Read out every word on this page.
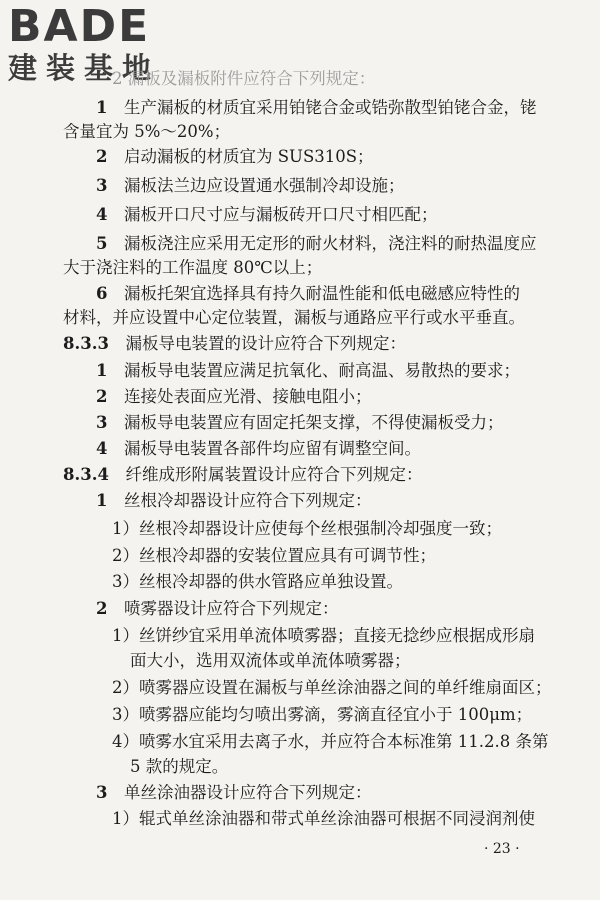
BADE
建装基地
2 漏板及漏板附件应符合下列规定：
1　 生产漏板的材质宜采用铂铑合金或锆弥散型铂铑合金，铑
含量宜为 5%～20%；
2　 启动漏板的材质宜为 SUS310S；
3　 漏板法兰边应设置通水强制冷却设施；
4　 漏板开口尺寸应与漏板砖开口尺寸相匹配；
5　 漏板浇注应采用无定形的耐火材料，浇注料的耐热温度应
大于浇注料的工作温度 80℃以上；
6　 漏板托架宜选择具有持久耐温性能和低电磁感应特性的
材料，并应设置中心定位装置，漏板与通路应平行或水平垂直。
8.3.3　 漏板导电装置的设计应符合下列规定：
1　 漏板导电装置应满足抗氧化、耐高温、易散热的要求；
2　 连接处表面应光滑、接触电阻小；
3　 漏板导电装置应有固定托架支撑，不得使漏板受力；
4　 漏板导电装置各部件均应留有调整空间。
8.3.4　 纤维成形附属装置设计应符合下列规定：
1　 丝根冷却器设计应符合下列规定：
1）丝根冷却器设计应使每个丝根强制冷却强度一致；
2）丝根冷却器的安装位置应具有可调节性；
3）丝根冷却器的供水管路应单独设置。
2　 喷雾器设计应符合下列规定：
1）丝饼纱宜采用单流体喷雾器；直接无捻纱应根据成形扇
面大小，选用双流体或单流体喷雾器；
2）喷雾器应设置在漏板与单丝涂油器之间的单纤维扇面区；
3）喷雾器应能均匀喷出雾滴，雾滴直径宜小于 100μm；
4）喷雾水宜采用去离子水，并应符合本标准第 11.2.8 条第
5 款的规定。
3　 单丝涂油器设计应符合下列规定：
1）辊式单丝涂油器和带式单丝涂油器可根据不同浸润剂使
· 23 ·
